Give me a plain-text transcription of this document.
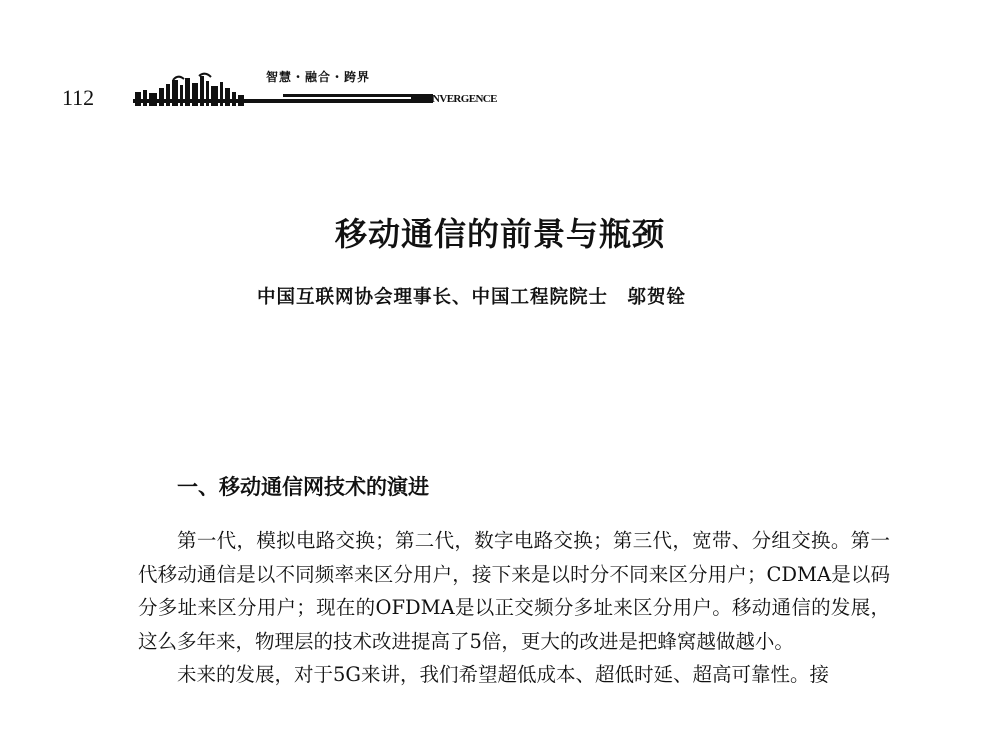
112
智慧・融合・跨界
NVERGENCE
移动通信的前景与瓶颈
中国互联网协会理事长、中国工程院院士　邬贺铨
一、移动通信网技术的演进

第一代，模拟电路交换；第二代，数字电路交换；第三代，宽带、分组交换。第一代移动通信是以不同频率来区分用户，接下来是以时分不同来区分用户；CDMA是以码分多址来区分用户；现在的OFDMA是以正交频分多址来区分用户。移动通信的发展，这么多年来，物理层的技术改进提高了5倍，更大的改进是把蜂窝越做越小。

未来的发展，对于5G来讲，我们希望超低成本、超低时延、超高可靠性。接
